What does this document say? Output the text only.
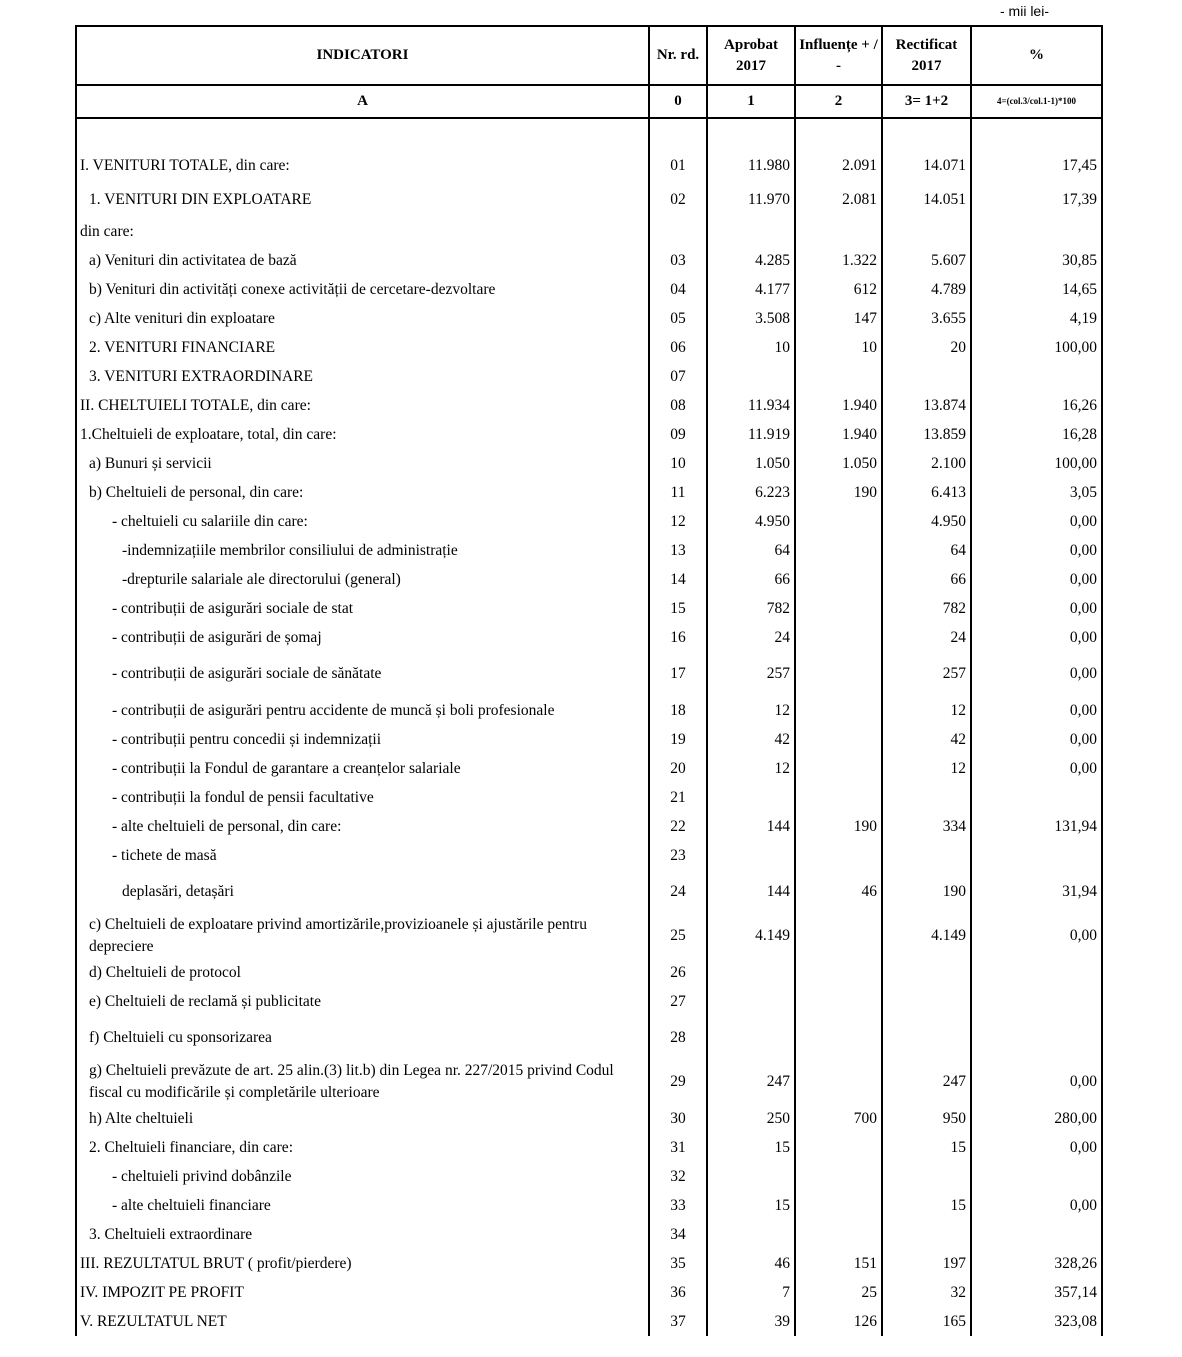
- mii lei-
INDICATORI	Nr. rd.	Aprobat 2017	Influențe + / -	Rectificat 2017	%
A	0	1	2	3= 1+2	4=(col.3/col.1-1)*100

I. VENITURI TOTALE, din care:	01	11.980	2.091	14.071	17,45
1. VENITURI DIN EXPLOATARE	02	11.970	2.081	14.051	17,39
din care:					
a) Venituri din activitatea de bază	03	4.285	1.322	5.607	30,85
b) Venituri din activități conexe activității de cercetare-dezvoltare	04	4.177	612	4.789	14,65
c) Alte venituri din exploatare	05	3.508	147	3.655	4,19
2. VENITURI FINANCIARE	06	10	10	20	100,00
3. VENITURI EXTRAORDINARE	07				
II. CHELTUIELI TOTALE, din care:	08	11.934	1.940	13.874	16,26
1.Cheltuieli de exploatare, total, din care:	09	11.919	1.940	13.859	16,28
a) Bunuri și servicii	10	1.050	1.050	2.100	100,00
b) Cheltuieli de personal, din care:	11	6.223	190	6.413	3,05
- cheltuieli cu salariile din care:	12	4.950		4.950	0,00
-indemnizațiile membrilor consiliului de administrație	13	64		64	0,00
-drepturile salariale ale directorului (general)	14	66		66	0,00
- contribuții de asigurări sociale de stat	15	782		782	0,00
- contribuții de asigurări de șomaj	16	24		24	0,00
- contribuții de asigurări sociale de sănătate	17	257		257	0,00
- contribuții de asigurări pentru accidente de muncă și boli profesionale	18	12		12	0,00
- contribuții pentru concedii și indemnizații	19	42		42	0,00
- contribuții la Fondul de garantare a creanțelor salariale	20	12		12	0,00
- contribuții la fondul de pensii facultative	21				
- alte cheltuieli de personal, din care:	22	144	190	334	131,94
- tichete de masă	23				
deplasări, detașări	24	144	46	190	31,94
c) Cheltuieli de exploatare privind amortizările,provizioanele și ajustările pentru depreciere	25	4.149		4.149	0,00
d) Cheltuieli de protocol	26				
e) Cheltuieli de reclamă și publicitate	27				
f) Cheltuieli cu sponsorizarea	28				
g) Cheltuieli prevăzute de art. 25 alin.(3) lit.b) din Legea nr. 227/2015 privind Codul fiscal cu modificările și completările ulterioare	29	247		247	0,00
h) Alte cheltuieli	30	250	700	950	280,00
2. Cheltuieli financiare, din care:	31	15		15	0,00
- cheltuieli privind dobânzile	32				
- alte cheltuieli financiare	33	15		15	0,00
3. Cheltuieli extraordinare	34				
III. REZULTATUL BRUT ( profit/pierdere)	35	46	151	197	328,26
IV. IMPOZIT PE PROFIT	36	7	25	32	357,14
V. REZULTATUL NET	37	39	126	165	323,08
